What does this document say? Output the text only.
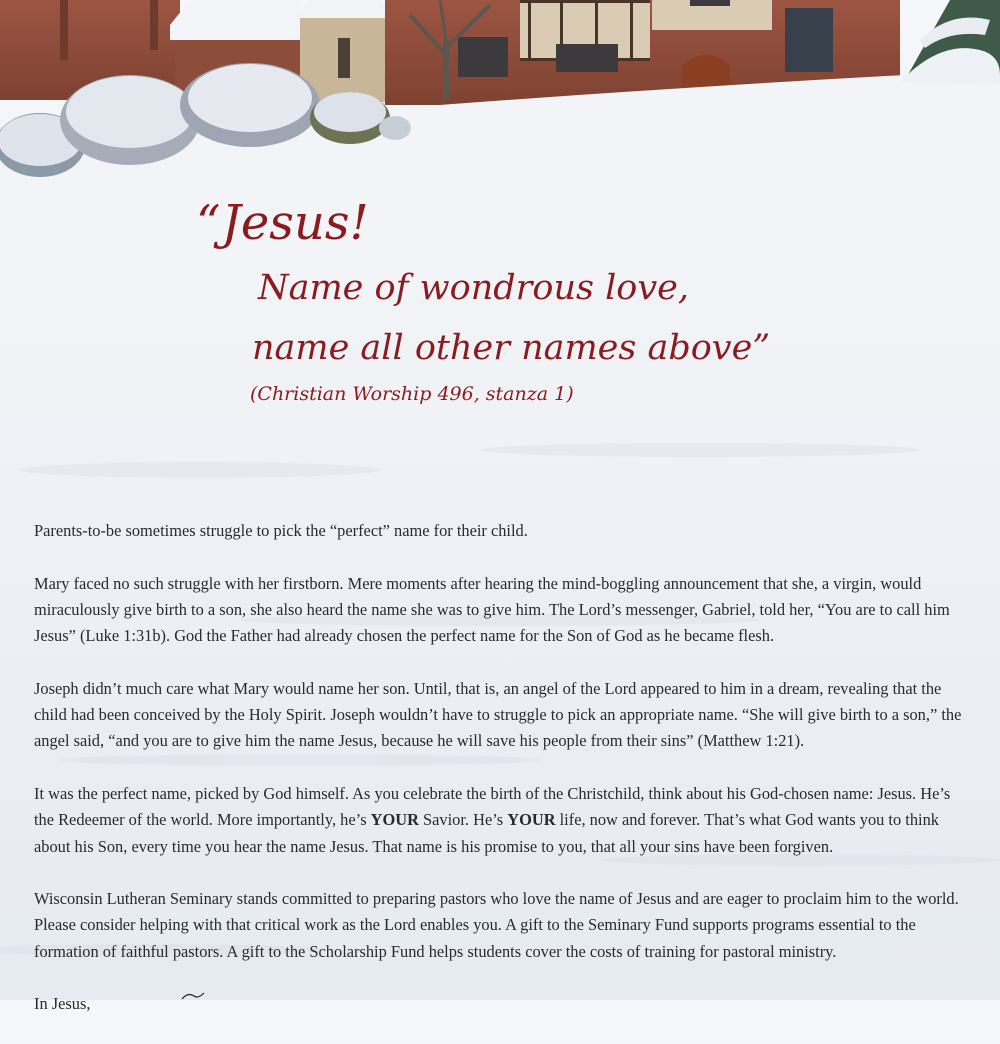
“Jesus!
Name of wondrous love,
name all other names above”
(Christian Worship 496, stanza 1)

Parents-to-be sometimes struggle to pick the “perfect” name for their child.

Mary faced no such struggle with her firstborn. Mere moments after hearing the mind-boggling announcement that she, a virgin, would miraculously give birth to a son, she also heard the name she was to give him. The Lord’s messenger, Gabriel, told her, “You are to call him Jesus” (Luke 1:31b). God the Father had already chosen the perfect name for the Son of God as he became flesh.

Joseph didn’t much care what Mary would name her son. Until, that is, an angel of the Lord appeared to him in a dream, revealing that the child had been conceived by the Holy Spirit. Joseph wouldn’t have to struggle to pick an appropriate name. “She will give birth to a son,” the angel said, “and you are to give him the name Jesus, because he will save his people from their sins” (Matthew 1:21).

It was the perfect name, picked by God himself. As you celebrate the birth of the Christchild, think about his God-chosen name: Jesus. He’s the Redeemer of the world. More importantly, he’s YOUR Savior. He’s YOUR life, now and forever. That’s what God wants you to think about his Son, every time you hear the name Jesus. That name is his promise to you, that all your sins have been forgiven.

Wisconsin Lutheran Seminary stands committed to preparing pastors who love the name of Jesus and are eager to proclaim him to the world. Please consider helping with that critical work as the Lord enables you. A gift to the Seminary Fund supports programs essential to the formation of faithful pastors. A gift to the Scholarship Fund helps students cover the costs of training for pastoral ministry.

In Jesus,
